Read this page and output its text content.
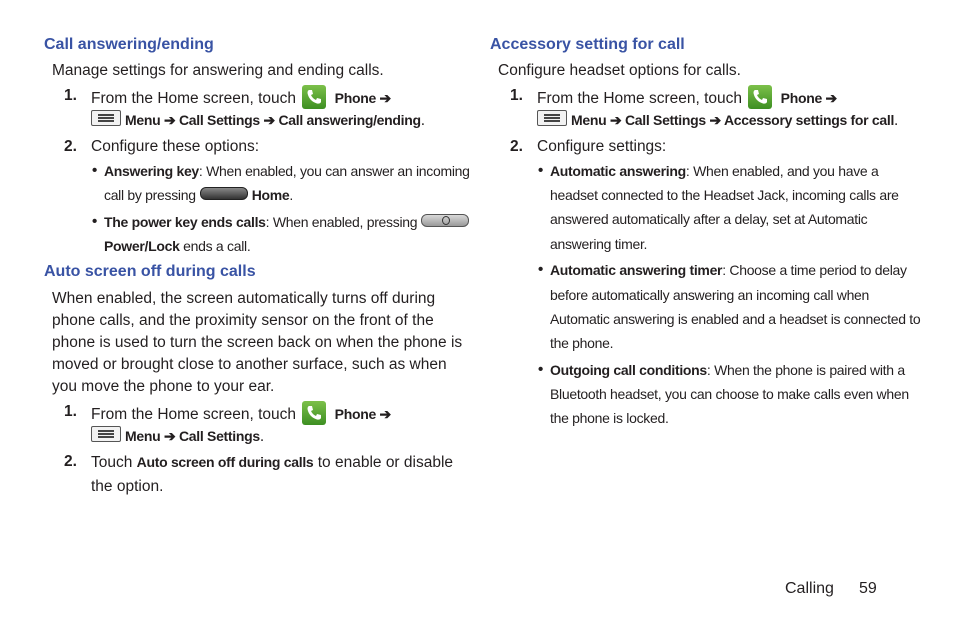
Call answering/ending
Manage settings for answering and ending calls.
1. From the Home screen, touch	Phone ➔
Menu ➔ Call Settings ➔ Call answering/ending.
2. Configure these options:
• Answering key: When enabled, you can answer an incoming
call by pressing	Home.
• The power key ends calls: When enabled, pressing
Power/Lock ends a call.
Auto screen off during calls
When enabled, the screen automatically turns off during
phone calls, and the proximity sensor on the front of the
phone is used to turn the screen back on when the phone is
moved or brought close to another surface, such as when
you move the phone to your ear.
1. From the Home screen, touch	Phone ➔
Menu ➔ Call Settings.
2. Touch Auto screen off during calls to enable or disable
the option.
Accessory setting for call
Configure headset options for calls.
1. From the Home screen, touch	Phone ➔
Menu ➔ Call Settings ➔ Accessory settings for call.
2. Configure settings:
• Automatic answering: When enabled, and you have a
headset connected to the Headset Jack, incoming calls are
answered automatically after a delay, set at Automatic
answering timer.
• Automatic answering timer: Choose a time period to delay
before automatically answering an incoming call when
Automatic answering is enabled and a headset is connected to
the phone.
• Outgoing call conditions: When the phone is paired with a
Bluetooth headset, you can choose to make calls even when
the phone is locked.
Calling 59
